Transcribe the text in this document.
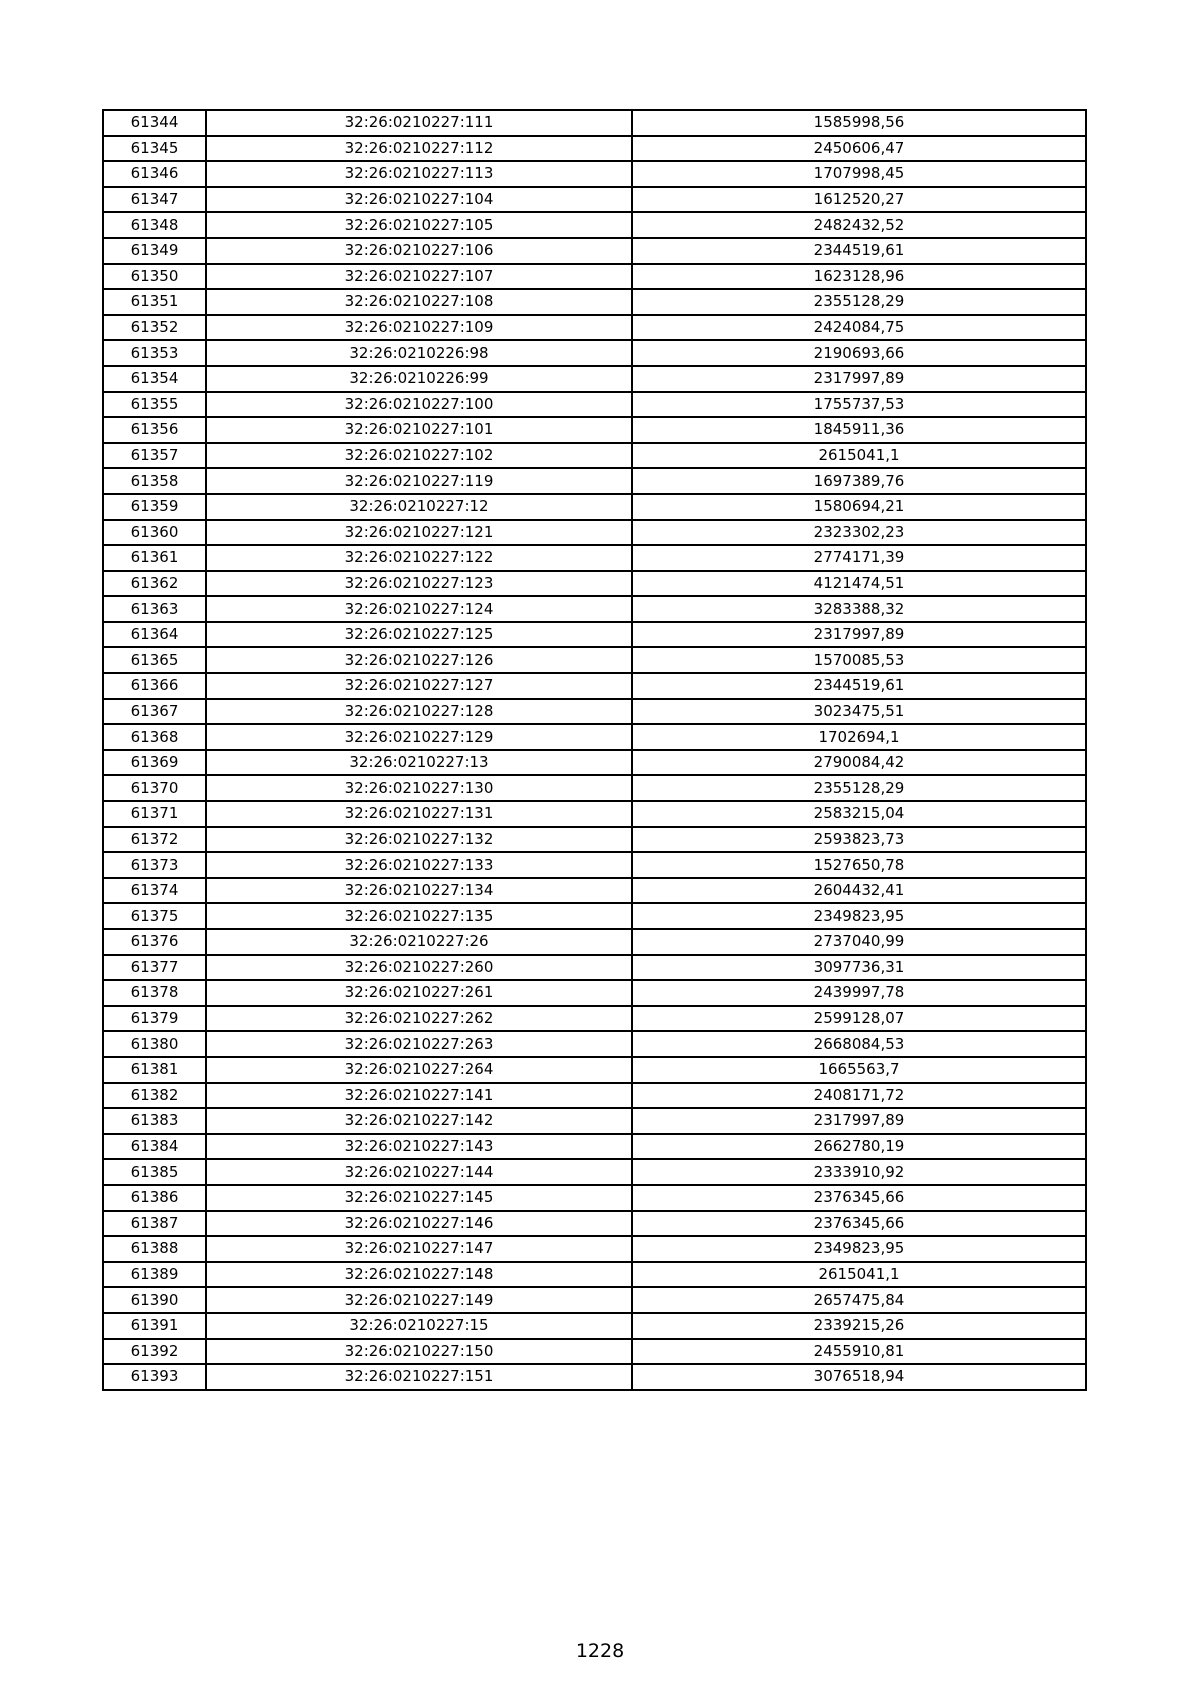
61344	32:26:0210227:111	1585998,56
61345	32:26:0210227:112	2450606,47
61346	32:26:0210227:113	1707998,45
61347	32:26:0210227:104	1612520,27
61348	32:26:0210227:105	2482432,52
61349	32:26:0210227:106	2344519,61
61350	32:26:0210227:107	1623128,96
61351	32:26:0210227:108	2355128,29
61352	32:26:0210227:109	2424084,75
61353	32:26:0210226:98	2190693,66
61354	32:26:0210226:99	2317997,89
61355	32:26:0210227:100	1755737,53
61356	32:26:0210227:101	1845911,36
61357	32:26:0210227:102	2615041,1
61358	32:26:0210227:119	1697389,76
61359	32:26:0210227:12	1580694,21
61360	32:26:0210227:121	2323302,23
61361	32:26:0210227:122	2774171,39
61362	32:26:0210227:123	4121474,51
61363	32:26:0210227:124	3283388,32
61364	32:26:0210227:125	2317997,89
61365	32:26:0210227:126	1570085,53
61366	32:26:0210227:127	2344519,61
61367	32:26:0210227:128	3023475,51
61368	32:26:0210227:129	1702694,1
61369	32:26:0210227:13	2790084,42
61370	32:26:0210227:130	2355128,29
61371	32:26:0210227:131	2583215,04
61372	32:26:0210227:132	2593823,73
61373	32:26:0210227:133	1527650,78
61374	32:26:0210227:134	2604432,41
61375	32:26:0210227:135	2349823,95
61376	32:26:0210227:26	2737040,99
61377	32:26:0210227:260	3097736,31
61378	32:26:0210227:261	2439997,78
61379	32:26:0210227:262	2599128,07
61380	32:26:0210227:263	2668084,53
61381	32:26:0210227:264	1665563,7
61382	32:26:0210227:141	2408171,72
61383	32:26:0210227:142	2317997,89
61384	32:26:0210227:143	2662780,19
61385	32:26:0210227:144	2333910,92
61386	32:26:0210227:145	2376345,66
61387	32:26:0210227:146	2376345,66
61388	32:26:0210227:147	2349823,95
61389	32:26:0210227:148	2615041,1
61390	32:26:0210227:149	2657475,84
61391	32:26:0210227:15	2339215,26
61392	32:26:0210227:150	2455910,81
61393	32:26:0210227:151	3076518,94
1228
